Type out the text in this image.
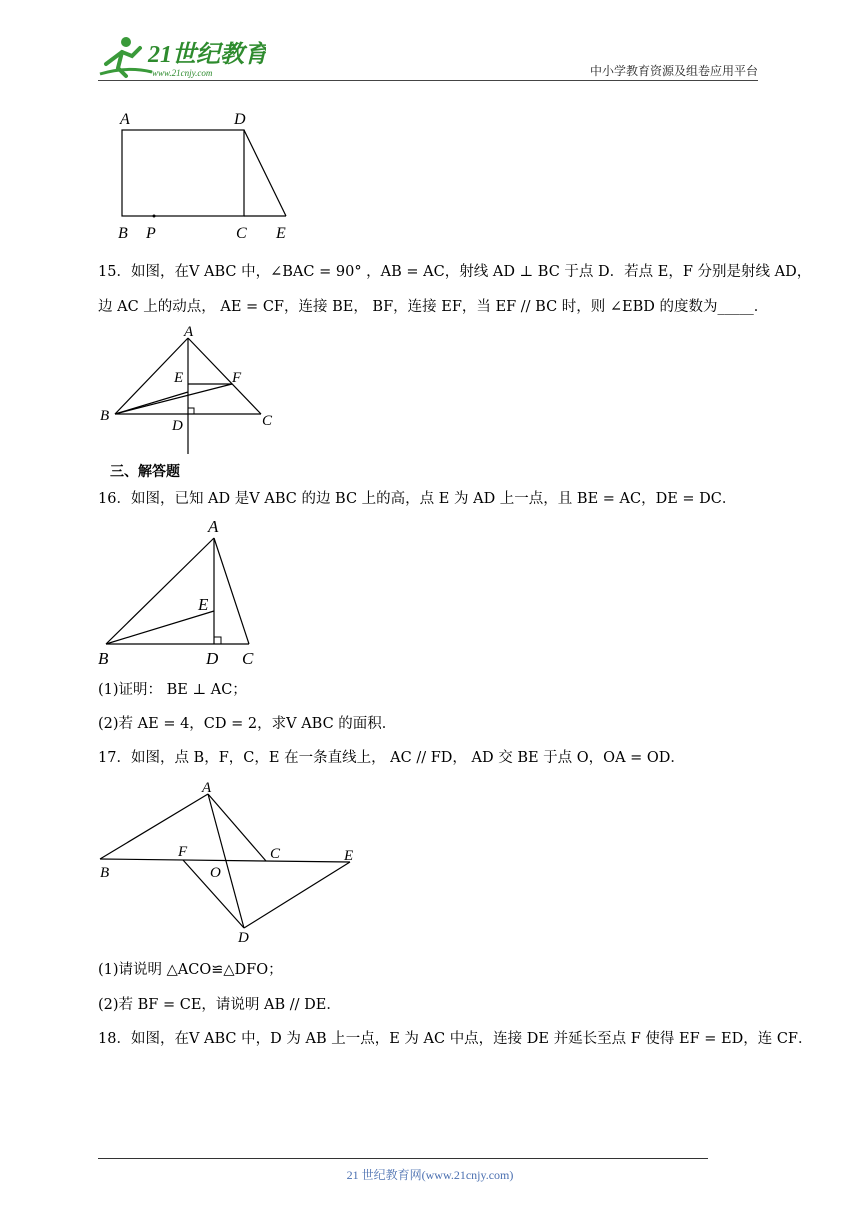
21世纪教育
www.21cnjy.com	中小学教育资源及组卷应用平台
A	D
B P	C E
15．如图，在V ABC 中，∠BAC = 90° ，AB = AC，射线 AD ⊥ BC 于点 D．若点 E，F 分别是射线 AD，
边 AC 上的动点， AE = CF，连接 BE， BF，连接 EF，当 EF // BC 时，则 ∠EBD 的度数为_____．
A
E	F
B
D	C
三、解答题
16．如图，已知 AD 是V ABC 的边 BC 上的高，点 E 为 AD 上一点，且 BE = AC，DE = DC．
A
E
B	D C
(1)证明： BE ⊥ AC；
(2)若 AE = 4，CD = 2，求V ABC 的面积．
17．如图，点 B，F，C，E 在一条直线上， AC // FD， AD 交 BE 于点 O，OA = OD．
A
F	C	E
B	O
D
(1)请说明 △ACO≌△DFO；
(2)若 BF = CE，请说明 AB // DE．
18．如图，在V ABC 中，D 为 AB 上一点，E 为 AC 中点，连接 DE 并延长至点 F 使得 EF = ED，连 CF．
21 世纪教育网(www.21cnjy.com)
